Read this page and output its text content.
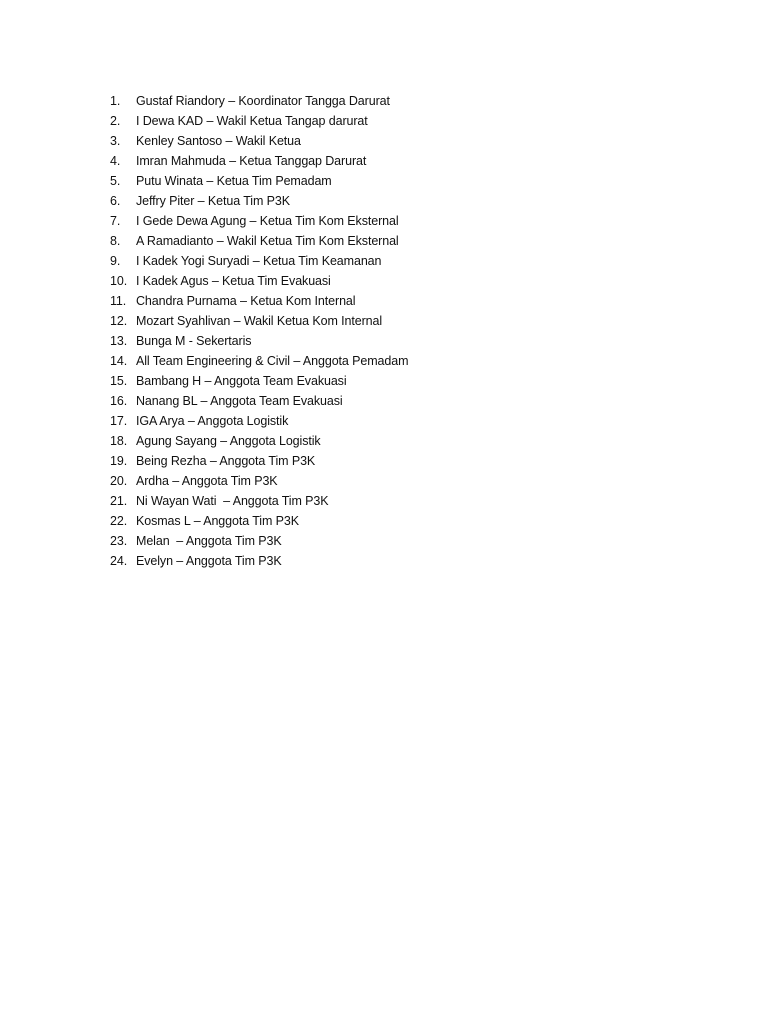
1.	Gustaf Riandory – Koordinator Tangga Darurat
2.	I Dewa KAD – Wakil Ketua Tangap darurat
3.	Kenley Santoso – Wakil Ketua
4.	Imran Mahmuda – Ketua Tanggap Darurat
5.	Putu Winata – Ketua Tim Pemadam
6.	Jeffry Piter – Ketua Tim P3K
7.	I Gede Dewa Agung – Ketua Tim Kom Eksternal
8.	A Ramadianto – Wakil Ketua Tim Kom Eksternal
9.	I Kadek Yogi Suryadi – Ketua Tim Keamanan
10. I Kadek Agus – Ketua Tim Evakuasi
11. Chandra Purnama – Ketua Kom Internal
12. Mozart Syahlivan – Wakil Ketua Kom Internal
13. Bunga M - Sekertaris
14. All Team Engineering & Civil – Anggota Pemadam
15. Bambang H – Anggota Team Evakuasi
16. Nanang BL – Anggota Team Evakuasi
17. IGA Arya – Anggota Logistik
18. Agung Sayang – Anggota Logistik
19. Being Rezha – Anggota Tim P3K
20. Ardha – Anggota Tim P3K
21. Ni Wayan Wati  – Anggota Tim P3K
22. Kosmas L – Anggota Tim P3K
23. Melan  – Anggota Tim P3K
24. Evelyn – Anggota Tim P3K
